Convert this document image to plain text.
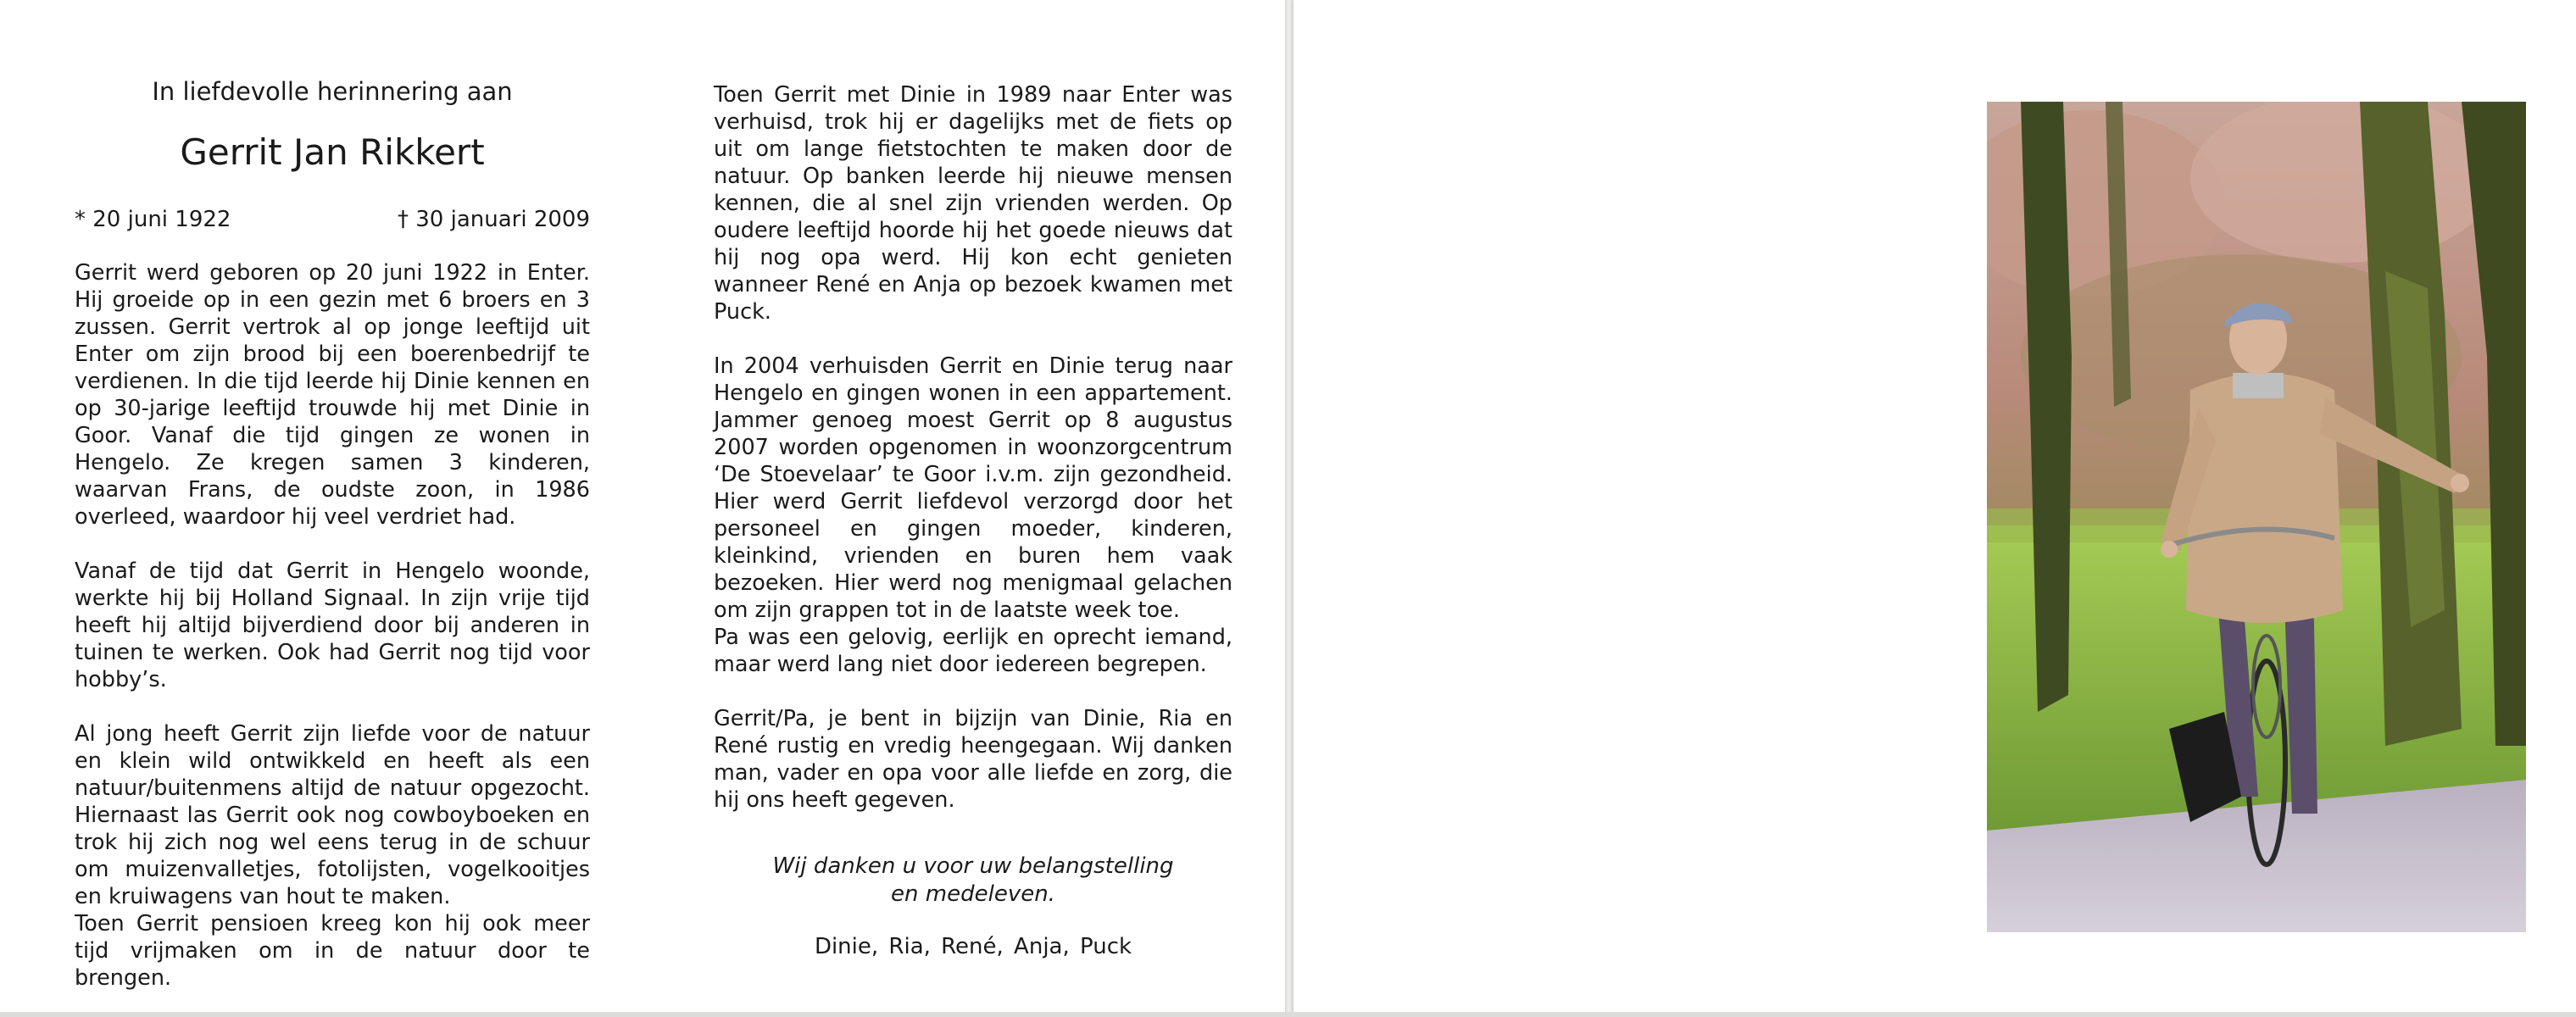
In liefdevolle herinnering aan
Gerrit Jan Rikkert
* 20 juni 1922	† 30 januari 2009

Gerrit werd geboren op 20 juni 1922 in Enter. Hij groeide op in een gezin met 6 broers en 3 zussen. Gerrit vertrok al op jonge leeftijd uit Enter om zijn brood bij een boerenbedrijf te verdienen. In die tijd leerde hij Dinie kennen en op 30-jarige leeftijd trouwde hij met Dinie in Goor. Vanaf die tijd gingen ze wonen in Hengelo. Ze kregen samen 3 kinderen, waarvan Frans, de oudste zoon, in 1986 overleed, waardoor hij veel verdriet had.

Vanaf de tijd dat Gerrit in Hengelo woonde, werkte hij bij Holland Signaal. In zijn vrije tijd heeft hij altijd bijverdiend door bij anderen in tuinen te werken. Ook had Gerrit nog tijd voor hobby’s.

Al jong heeft Gerrit zijn liefde voor de natuur en klein wild ontwikkeld en heeft als een natuur/buitenmens altijd de natuur opgezocht. Hiernaast las Gerrit ook nog cowboyboeken en trok hij zich nog wel eens terug in de schuur om muizenvalletjes, fotolijsten, vogelkooitjes en kruiwagens van hout te maken.

Toen Gerrit pensioen kreeg kon hij ook meer tijd vrijmaken om in de natuur door te brengen.

Toen Gerrit met Dinie in 1989 naar Enter was verhuisd, trok hij er dagelijks met de fiets op uit om lange fietstochten te maken door de natuur. Op banken leerde hij nieuwe mensen kennen, die al snel zijn vrienden werden. Op oudere leeftijd hoorde hij het goede nieuws dat hij nog opa werd. Hij kon echt genieten wanneer René en Anja op bezoek kwamen met Puck.

In 2004 verhuisden Gerrit en Dinie terug naar Hengelo en gingen wonen in een appartement. Jammer genoeg moest Gerrit op 8 augustus 2007 worden opgenomen in woonzorgcentrum ‘De Stoevelaar’ te Goor i.v.m. zijn gezondheid. Hier werd Gerrit liefdevol verzorgd door het personeel en gingen moeder, kinderen, kleinkind, vrienden en buren hem vaak bezoeken. Hier werd nog menigmaal gelachen om zijn grappen tot in de laatste week toe.

Pa was een gelovig, eerlijk en oprecht iemand, maar werd lang niet door iedereen begrepen.

Gerrit/Pa, je bent in bijzijn van Dinie, Ria en René rustig en vredig heengegaan. Wij danken man, vader en opa voor alle liefde en zorg, die hij ons heeft gegeven.

Wij danken u voor uw belangstelling
en medeleven.
Dinie, Ria, René, Anja, Puck
